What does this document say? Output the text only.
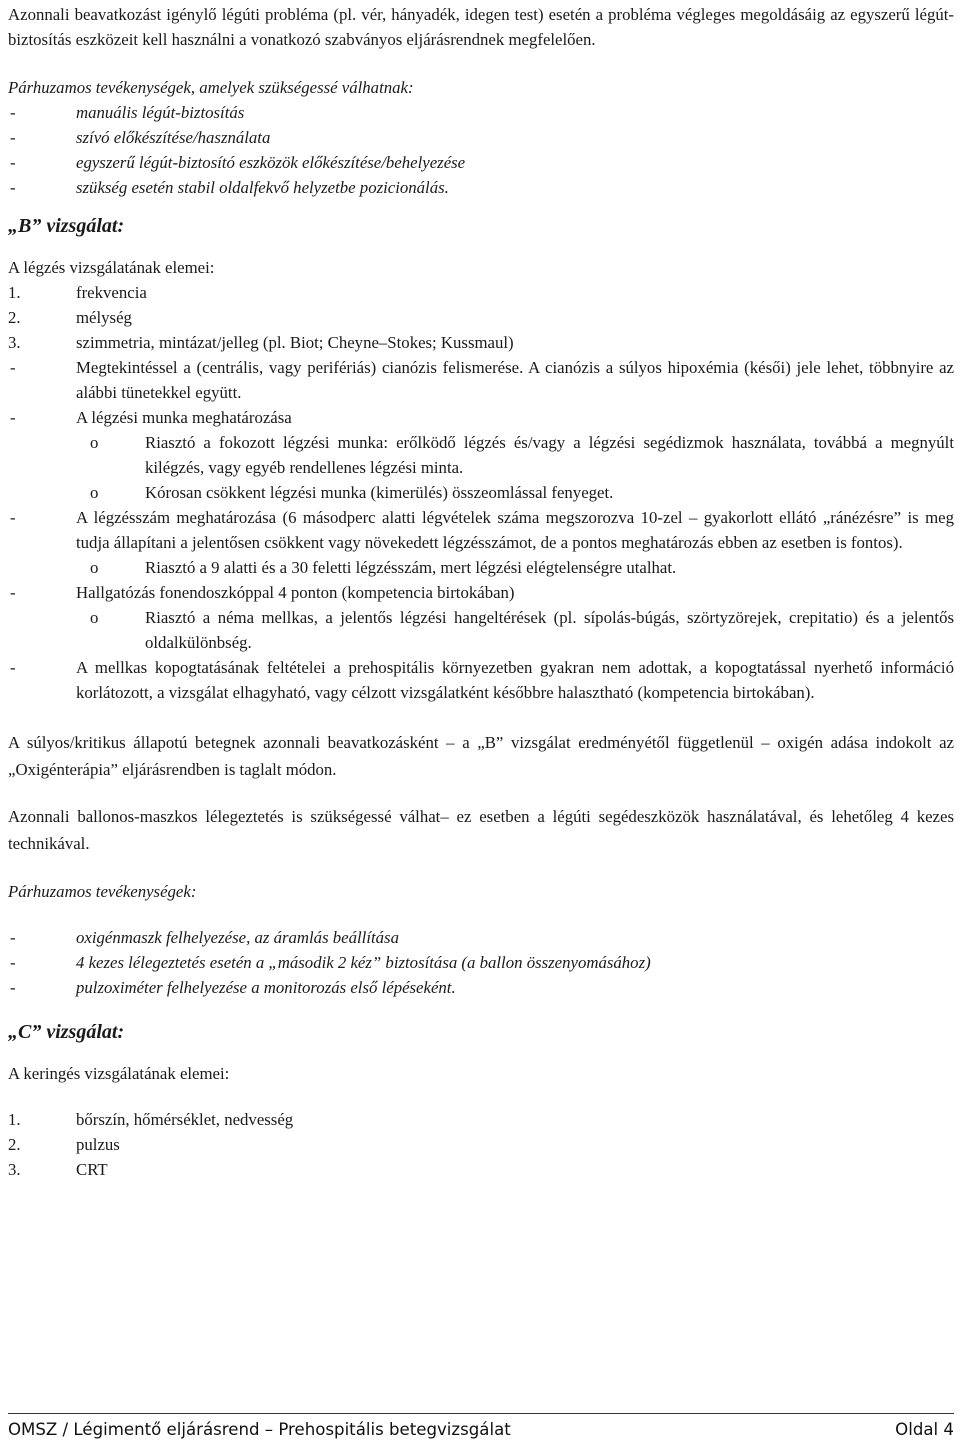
Azonnali beavatkozást igénylő légúti probléma (pl. vér, hányadék, idegen test) esetén a probléma végleges megoldásáig az egyszerű légút-biztosítás eszközeit kell használni a vonatkozó szabványos eljárásrendnek megfelelően.

Párhuzamos tevékenységek, amelyek szükségessé válhatnak:

- manuális légút-biztosítás
- szívó előkészítése/használata
- egyszerű légút-biztosító eszközök előkészítése/behelyezése
- szükség esetén stabil oldalfekvő helyzetbe pozicionálás.
„B” vizsgálat:

A légzés vizsgálatának elemei:

1.	frekvencia
2.	mélység
3.	szimmetria, mintázat/jelleg (pl. Biot; Cheyne–Stokes; Kussmaul)
- Megtekintéssel a (centrális, vagy perifériás) cianózis felismerése. A cianózis a súlyos hipoxémia (késői) jele lehet, többnyire az alábbi tünetekkel együtt.
- A légzési munka meghatározása
o Riasztó a fokozott légzési munka: erőlködő légzés és/vagy a légzési segédizmok használata, továbbá a megnyúlt kilégzés, vagy egyéb rendellenes légzési minta.
o Kórosan csökkent légzési munka (kimerülés) összeomlással fenyeget.
- A légzésszám meghatározása (6 másodperc alatti légvételek száma megszorozva 10-zel – gyakorlott ellátó „ránézésre” is meg tudja állapítani a jelentősen csökkent vagy növekedett légzésszámot, de a pontos meghatározás ebben az esetben is fontos).
o Riasztó a 9 alatti és a 30 feletti légzésszám, mert légzési elégtelenségre utalhat.
- Hallgatózás fonendoszkóppal 4 ponton (kompetencia birtokában)
o Riasztó a néma mellkas, a jelentős légzési hangeltérések (pl. sípolás-búgás, szörtyzörejek, crepitatio) és a jelentős oldalkülönbség.
- A mellkas kopogtatásának feltételei a prehospitális környezetben gyakran nem adottak, a kopogtatással nyerhető információ korlátozott, a vizsgálat elhagyható, vagy célzott vizsgálatként későbbre halasztható (kompetencia birtokában).

A súlyos/kritikus állapotú betegnek azonnali beavatkozásként – a „B” vizsgálat eredményétől függetlenül – oxigén adása indokolt az „Oxigénterápia” eljárásrendben is taglalt módon.

Azonnali ballonos-maszkos lélegeztetés is szükségessé válhat– ez esetben a légúti segédeszközök használatával, és lehetőleg 4 kezes technikával.

Párhuzamos tevékenységek:

- oxigénmaszk felhelyezése, az áramlás beállítása
- 4 kezes lélegeztetés esetén a „második 2 kéz” biztosítása (a ballon összenyomásához)
- pulzoximéter felhelyezése a monitorozás első lépéseként.
„C” vizsgálat:

A keringés vizsgálatának elemei:

1.	bőrszín, hőmérséklet, nedvesség
2.	pulzus
3.	CRT
OMSZ / Légimentő eljárásrend – Prehospitális betegvizsgálat	Oldal 4
